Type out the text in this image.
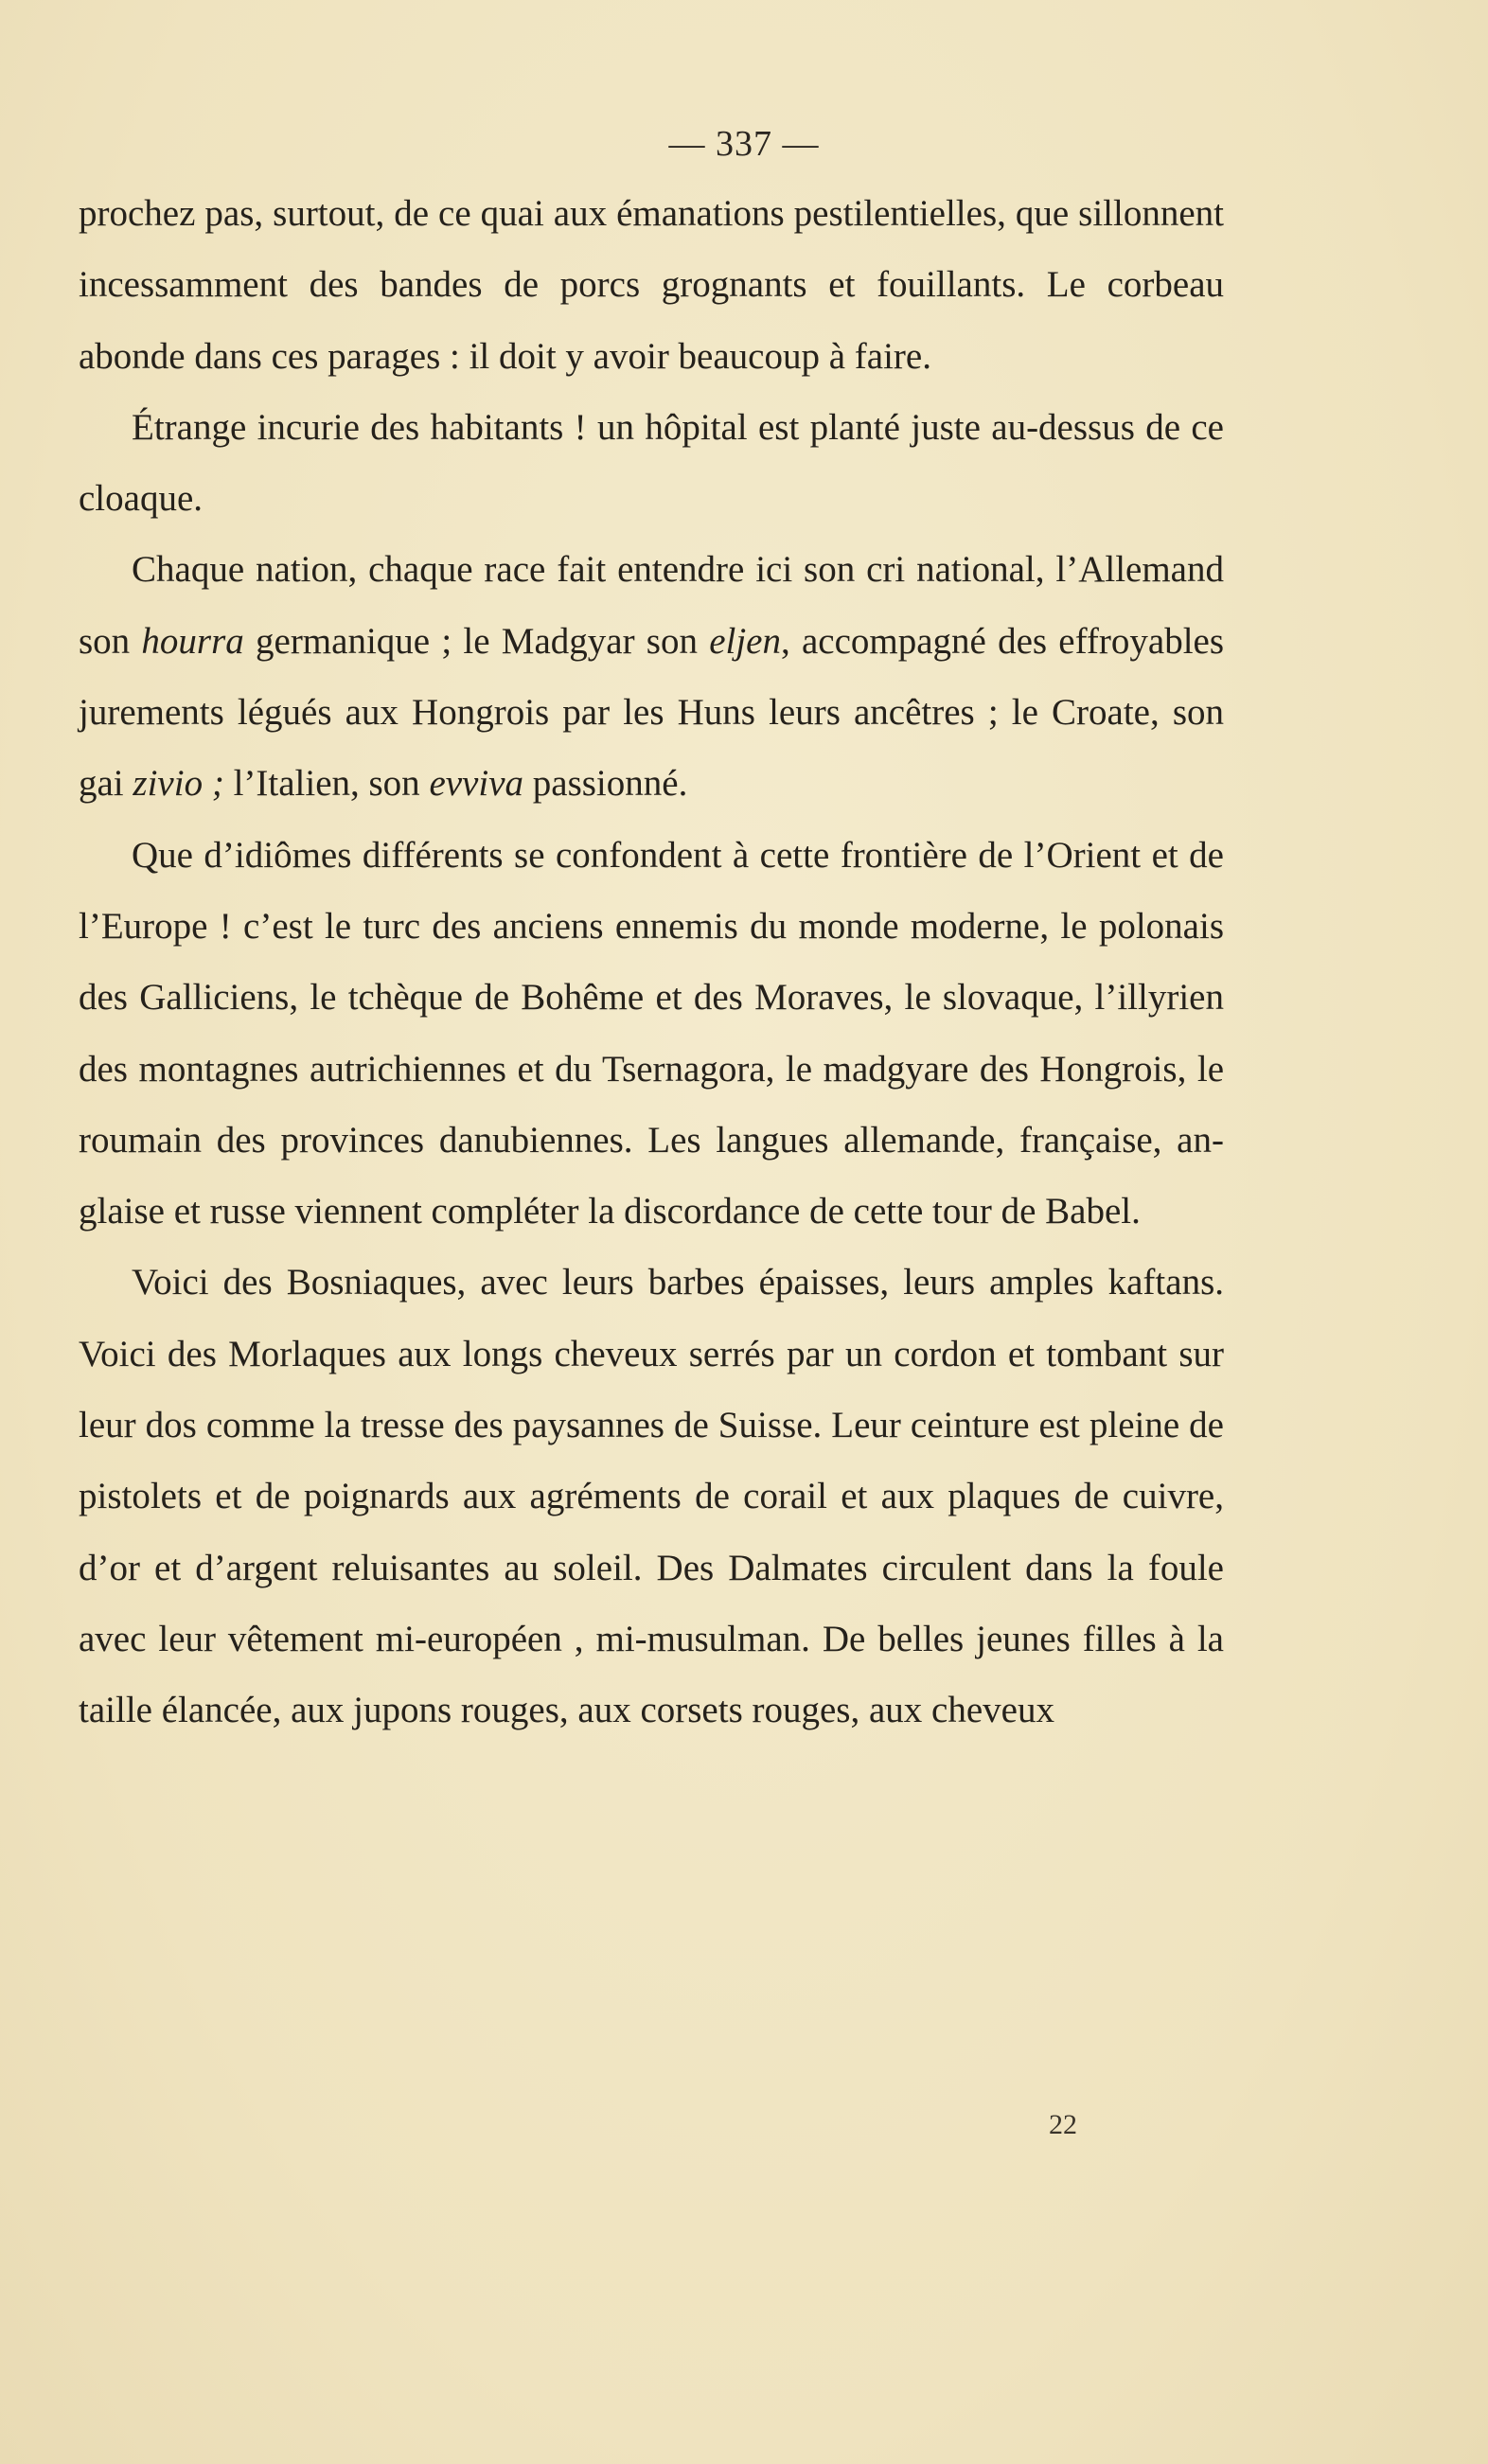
— 337 —

prochez pas, surtout, de ce quai aux émanations pestilentielles, que sillonnent incessamment des bandes de porcs grognants et fouillants. Le corbeau abonde dans ces parages : il doit y avoir beaucoup à faire.

Étrange incurie des habitants ! un hôpital est planté juste au-dessus de ce cloaque.

Chaque nation, chaque race fait entendre ici son cri national, l’Allemand son hourra germanique ; le Madgyar son eljen, accompagné des effroyables jurements légués aux Hongrois par les Huns leurs ancêtres ; le Croate, son gai zivio ; l’Italien, son evviva passionné.

Que d’idiômes différents se confondent à cette frontière de l’Orient et de l’Europe ! c’est le turc des anciens ennemis du monde moderne, le polonais des Galliciens, le tchèque de Bohême et des Moraves, le slovaque, l’illyrien des montagnes autrichiennes et du Tsernagora, le madgyare des Hongrois, le roumain des provinces danubiennes. Les langues allemande, française, anglaise et russe viennent compléter la discordance de cette tour de Babel.

Voici des Bosniaques, avec leurs barbes épaisses, leurs amples kaftans. Voici des Morlaques aux longs cheveux serrés par un cordon et tombant sur leur dos comme la tresse des paysannes de Suisse. Leur ceinture est pleine de pistolets et de poignards aux agréments de corail et aux plaques de cuivre, d’or et d’argent reluisantes au soleil. Des Dalmates circulent dans la foule avec leur vêtement mi-européen , mi-musulman. De belles jeunes filles à la taille élancée, aux jupons rouges, aux corsets rouges, aux cheveux

22
